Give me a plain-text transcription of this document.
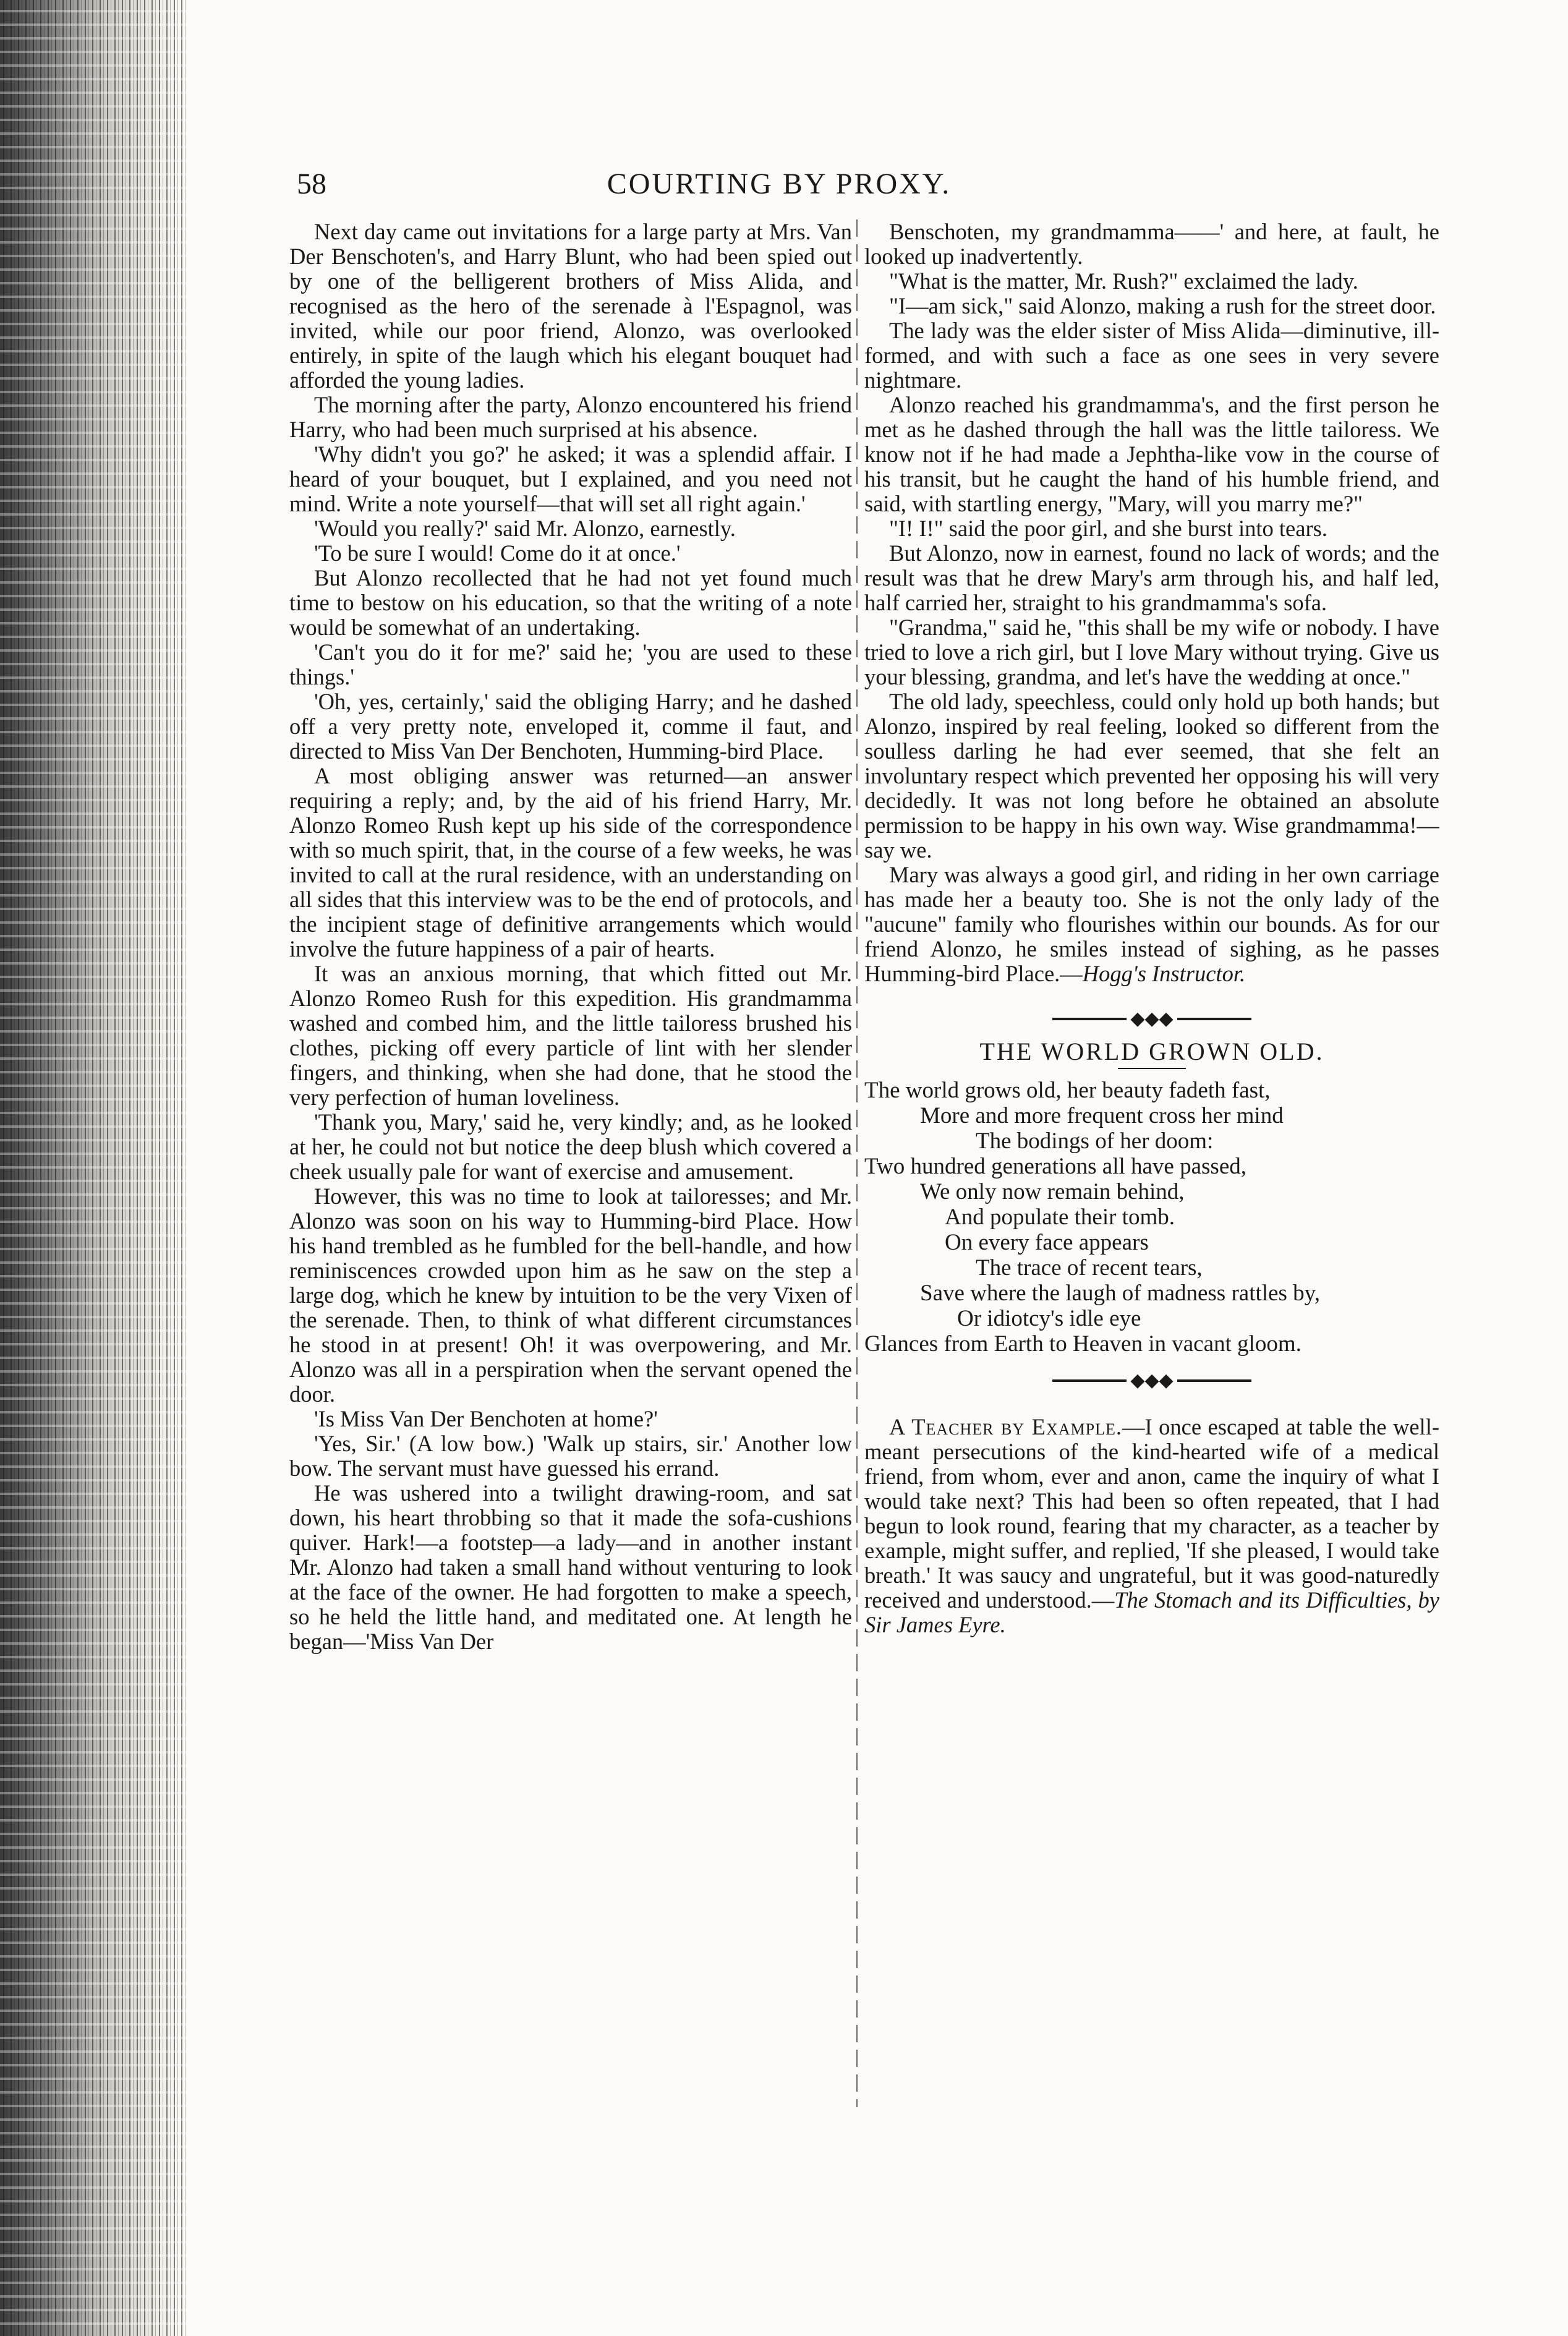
58	COURTING BY PROXY.

Next day came out invitations for a large party at Mrs. Van Der Benschoten's, and Harry Blunt, who had been spied out by one of the belligerent brothers of Miss Alida, and recognised as the hero of the serenade à l'Espagnol, was invited, while our poor friend, Alonzo, was overlooked entirely, in spite of the laugh which his elegant bouquet had afforded the young ladies.

The morning after the party, Alonzo encountered his friend Harry, who had been much surprised at his absence.

'Why didn't you go?' he asked; it was a splendid affair. I heard of your bouquet, but I explained, and you need not mind. Write a note yourself—that will set all right again.'

'Would you really?' said Mr. Alonzo, earnestly.

'To be sure I would! Come do it at once.'

But Alonzo recollected that he had not yet found much time to bestow on his education, so that the writing of a note would be somewhat of an undertaking.

'Can't you do it for me?' said he; 'you are used to these things.'

'Oh, yes, certainly,' said the obliging Harry; and he dashed off a very pretty note, enveloped it, comme il faut, and directed to Miss Van Der Benchoten, Humming-bird Place.

A most obliging answer was returned—an answer requiring a reply; and, by the aid of his friend Harry, Mr. Alonzo Romeo Rush kept up his side of the correspondence with so much spirit, that, in the course of a few weeks, he was invited to call at the rural residence, with an understanding on all sides that this interview was to be the end of protocols, and the incipient stage of definitive arrangements which would involve the future happiness of a pair of hearts.

It was an anxious morning, that which fitted out Mr. Alonzo Romeo Rush for this expedition. His grandmamma washed and combed him, and the little tailoress brushed his clothes, picking off every particle of lint with her slender fingers, and thinking, when she had done, that he stood the very perfection of human loveliness.

'Thank you, Mary,' said he, very kindly; and, as he looked at her, he could not but notice the deep blush which covered a cheek usually pale for want of exercise and amusement.

However, this was no time to look at tailoresses; and Mr. Alonzo was soon on his way to Humming-bird Place. How his hand trembled as he fumbled for the bell-handle, and how reminiscences crowded upon him as he saw on the step a large dog, which he knew by intuition to be the very Vixen of the serenade. Then, to think of what different circumstances he stood in at present! Oh! it was overpowering, and Mr. Alonzo was all in a perspiration when the servant opened the door.

'Is Miss Van Der Benchoten at home?'

'Yes, Sir.' (A low bow.) 'Walk up stairs, sir.' Another low bow. The servant must have guessed his errand.

He was ushered into a twilight drawing-room, and sat down, his heart throbbing so that it made the sofa-cushions quiver. Hark!—a footstep—a lady—and in another instant Mr. Alonzo had taken a small hand without venturing to look at the face of the owner. He had forgotten to make a speech, so he held the little hand, and meditated one. At length he began—'Miss Van Der

Benschoten, my grandmamma——' and here, at fault, he looked up inadvertently.

"What is the matter, Mr. Rush?" exclaimed the lady.

"I—am sick," said Alonzo, making a rush for the street door.

The lady was the elder sister of Miss Alida—diminutive, ill-formed, and with such a face as one sees in very severe nightmare.

Alonzo reached his grandmamma's, and the first person he met as he dashed through the hall was the little tailoress. We know not if he had made a Jephtha-like vow in the course of his transit, but he caught the hand of his humble friend, and said, with startling energy, "Mary, will you marry me?"

"I! I!" said the poor girl, and she burst into tears.

But Alonzo, now in earnest, found no lack of words; and the result was that he drew Mary's arm through his, and half led, half carried her, straight to his grandmamma's sofa.

"Grandma," said he, "this shall be my wife or nobody. I have tried to love a rich girl, but I love Mary without trying. Give us your blessing, grandma, and let's have the wedding at once."

The old lady, speechless, could only hold up both hands; but Alonzo, inspired by real feeling, looked so different from the soulless darling he had ever seemed, that she felt an involuntary respect which prevented her opposing his will very decidedly. It was not long before he obtained an absolute permission to be happy in his own way. Wise grandmamma!—say we.

Mary was always a good girl, and riding in her own carriage has made her a beauty too. She is not the only lady of the "aucune" family who flourishes within our bounds. As for our friend Alonzo, he smiles instead of sighing, as he passes Humming-bird Place.—Hogg's Instructor.

◆◆◆
THE WORLD GROWN OLD.
The world grows old, her beauty fadeth fast,
More and more frequent cross her mind
The bodings of her doom:
Two hundred generations all have passed,
We only now remain behind,
And populate their tomb.
On every face appears
The trace of recent tears,
Save where the laugh of madness rattles by,
Or idiotcy's idle eye
Glances from Earth to Heaven in vacant gloom.
◆◆◆

A Teacher by Example.—I once escaped at table the well-meant persecutions of the kind-hearted wife of a medical friend, from whom, ever and anon, came the inquiry of what I would take next? This had been so often repeated, that I had begun to look round, fearing that my character, as a teacher by example, might suffer, and replied, 'If she pleased, I would take breath.' It was saucy and ungrateful, but it was good-naturedly received and understood.—The Stomach and its Difficulties, by Sir James Eyre.
